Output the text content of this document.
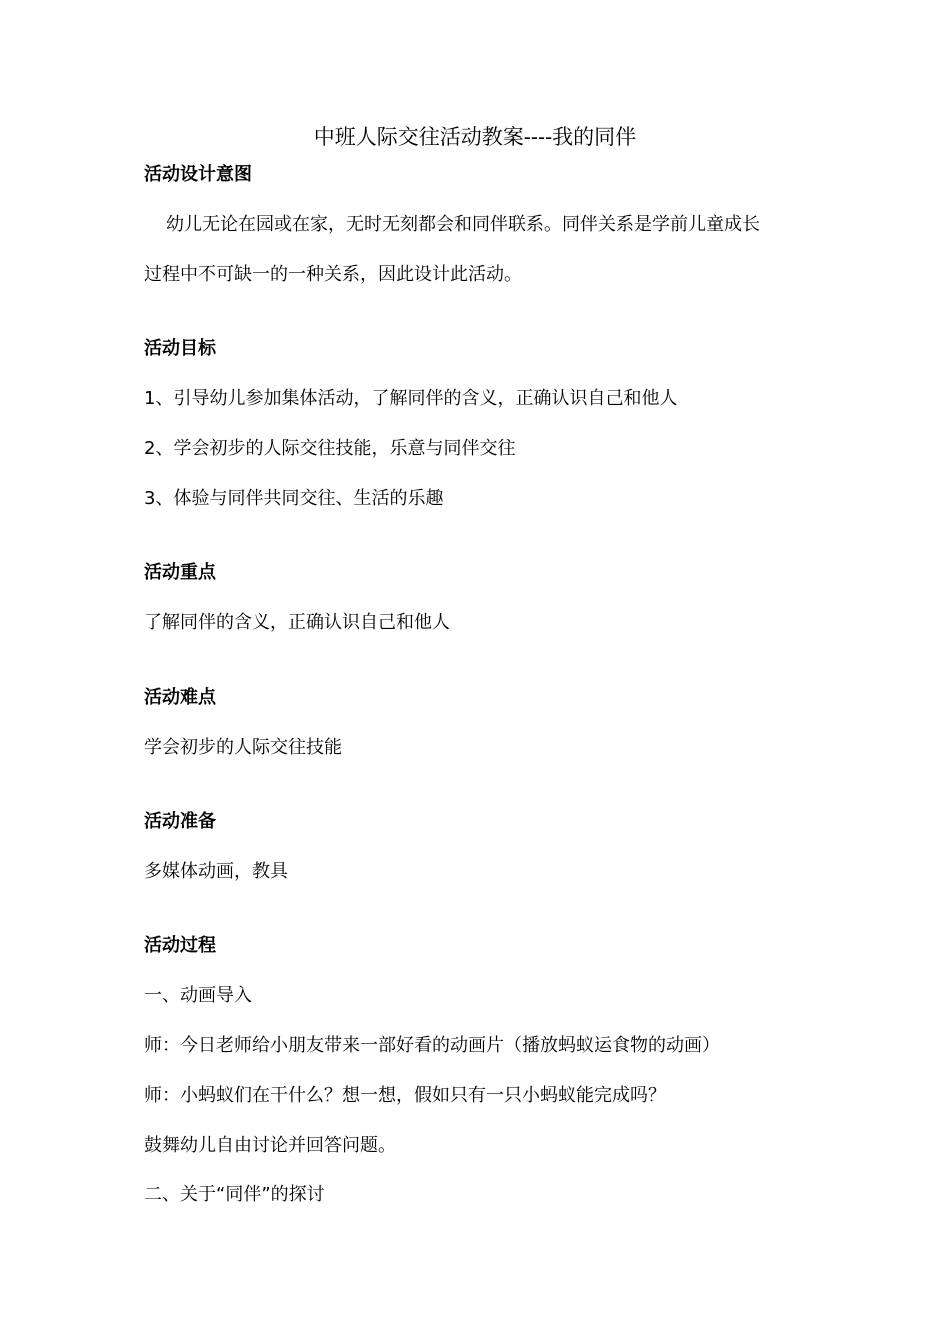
中班人际交往活动教案----我的同伴
活动设计意图
幼儿无论在园或在家，无时无刻都会和同伴联系。同伴关系是学前儿童成长
过程中不可缺一的一种关系，因此设计此活动。
活动目标
1、引导幼儿参加集体活动，了解同伴的含义，正确认识自己和他人
2、学会初步的人际交往技能，乐意与同伴交往
3、体验与同伴共同交往、生活的乐趣
活动重点
了解同伴的含义，正确认识自己和他人
活动难点
学会初步的人际交往技能
活动准备
多媒体动画，教具
活动过程
一、动画导入
师：今日老师给小朋友带来一部好看的动画片（播放蚂蚁运食物的动画）
师：小蚂蚁们在干什么？想一想，假如只有一只小蚂蚁能完成吗？
鼓舞幼儿自由讨论并回答问题。
二、关于“同伴”的探讨
